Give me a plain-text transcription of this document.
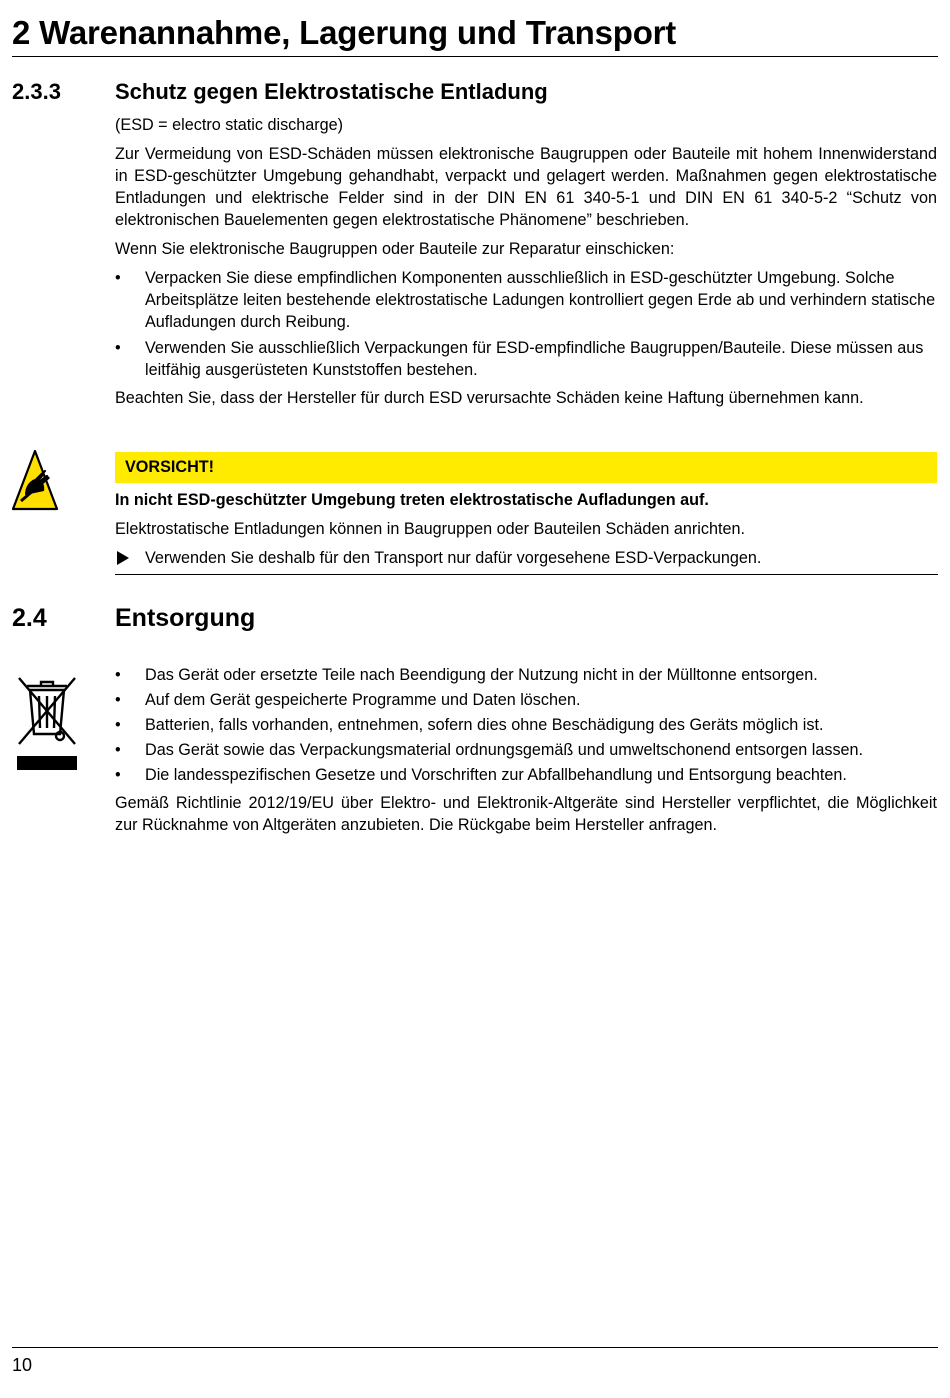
2 Warenannahme, Lagerung und Transport
2.3.3 Schutz gegen Elektrostatische Entladung

(ESD = electro static discharge)

Zur Vermeidung von ESD-Schäden müssen elektronische Baugruppen oder Bauteile mit hohem Innenwiderstand in ESD-geschützter Umgebung gehandhabt, verpackt und gelagert werden. Maßnahmen gegen elektrostatische Entladungen und elektrische Felder sind in der DIN EN 61 340-5-1 und DIN EN 61 340-5-2 “Schutz von elektronischen Bauelementen gegen elektrostatische Phänomene” beschrieben.

Wenn Sie elektronische Baugruppen oder Bauteile zur Reparatur einschicken:

• Verpacken Sie diese empfindlichen Komponenten ausschließlich in ESD-geschützter Umgebung. Solche Arbeitsplätze leiten bestehende elektrostatische Ladungen kontrolliert gegen Erde ab und verhindern statische Aufladungen durch Reibung.
• Verwenden Sie ausschließlich Verpackungen für ESD-empfindliche Baugruppen/Bauteile. Diese müssen aus leitfähig ausgerüsteten Kunststoffen bestehen.

Beachten Sie, dass der Hersteller für durch ESD verursachte Schäden keine Haftung übernehmen kann.

VORSICHT!

In nicht ESD-geschützter Umgebung treten elektrostatische Aufladungen auf.

Elektrostatische Entladungen können in Baugruppen oder Bauteilen Schäden anrichten.

Verwenden Sie deshalb für den Transport nur dafür vorgesehene ESD-Verpackungen.

2.4	Entsorgung
• Das Gerät oder ersetzte Teile nach Beendigung der Nutzung nicht in der Mülltonne entsorgen.
• Auf dem Gerät gespeicherte Programme und Daten löschen.
• Batterien, falls vorhanden, entnehmen, sofern dies ohne Beschädigung des Geräts möglich ist.
• Das Gerät sowie das Verpackungsmaterial ordnungsgemäß und umweltschonend entsorgen lassen.
• Die landesspezifischen Gesetze und Vorschriften zur Abfallbehandlung und Entsorgung beachten.

Gemäß Richtlinie 2012/19/EU über Elektro- und Elektronik-Altgeräte sind Hersteller verpflichtet, die Möglichkeit zur Rücknahme von Altgeräten anzubieten. Die Rückgabe beim Hersteller anfragen.

10
